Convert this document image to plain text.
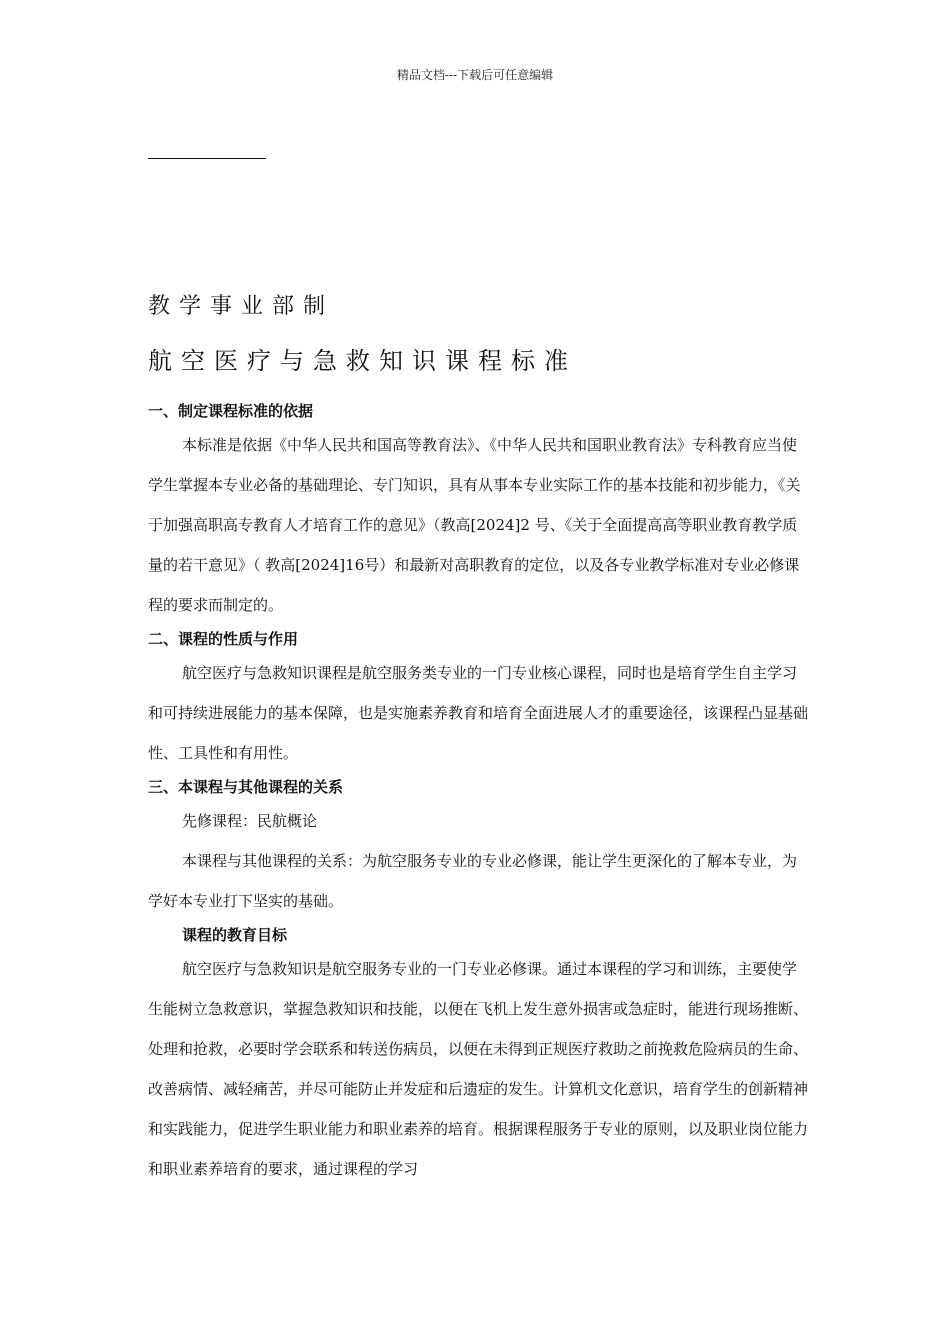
精品文档---下载后可任意编辑
教学事业部制
航空医疗与急救知识课程标准
一、制定课程标准的依据

本标准是依据《中华人民共和国高等教育法》、《中华人民共和国职业教育法》专科教育应当使学生掌握本专业必备的基础理论、专门知识，具有从事本专业实际工作的基本技能和初步能力，《关于加强高职高专教育人才培育工作的意见》（教高[2024]2 号、《关于全面提高高等职业教育教学质量的若干意见》（ 教高[2024]16号）和最新对高职教育的定位，以及各专业教学标准对专业必修课程的要求而制定的。

二、课程的性质与作用

航空医疗与急救知识课程是航空服务类专业的一门专业核心课程，同时也是培育学生自主学习和可持续进展能力的基本保障，也是实施素养教育和培育全面进展人才的重要途径，该课程凸显基础性、工具性和有用性。

三、本课程与其他课程的关系

先修课程：民航概论

本课程与其他课程的关系：为航空服务专业的专业必修课，能让学生更深化的了解本专业，为学好本专业打下坚实的基础。

课程的教育目标

航空医疗与急救知识是航空服务专业的一门专业必修课。通过本课程的学习和训练，主要使学生能树立急救意识，掌握急救知识和技能，以便在飞机上发生意外损害或急症时，能进行现场推断、处理和抢救，必要时学会联系和转送伤病员，以便在未得到正规医疗救助之前挽救危险病员的生命、改善病情、减轻痛苦，并尽可能防止并发症和后遗症的发生。计算机文化意识，培育学生的创新精神和实践能力，促进学生职业能力和职业素养的培育。根据课程服务于专业的原则，以及职业岗位能力和职业素养培育的要求，通过课程的学习
